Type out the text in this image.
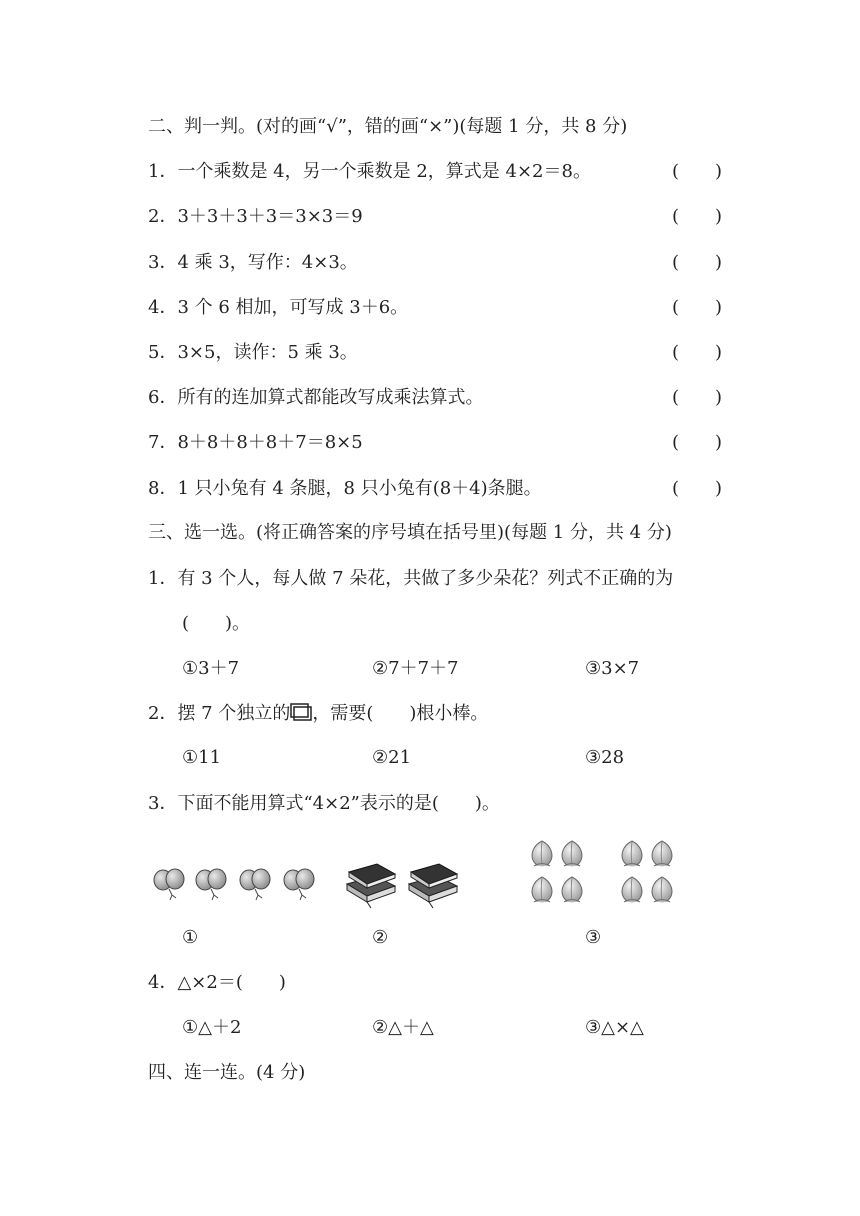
二、判一判。(对的画“√”，错的画“×”)(每题 1 分，共 8 分)
1．一个乘数是 4，另一个乘数是 2，算式是 4×2＝8。	(　　)
2．3＋3＋3＋3＝3×3＝9	(　　)
3．4 乘 3，写作：4×3。	(　　)
4．3 个 6 相加，可写成 3＋6。	(　　)
5．3×5，读作：5 乘 3。	(　　)
6．所有的连加算式都能改写成乘法算式。	(　　)
7．8＋8＋8＋8＋7＝8×5	(　　)
8．1 只小兔有 4 条腿，8 只小兔有(8＋4)条腿。	(　　)
三、选一选。(将正确答案的序号填在括号里)(每题 1 分，共 4 分)
1．有 3 个人，每人做 7 朵花，共做了多少朵花？列式不正确的为
(　　)。
①3＋7	②7＋7＋7	③3×7
2．摆 7 个独立的 ，需要(　　)根小棒。
①11	②21	③28
3．下面不能用算式“4×2”表示的是(　　)。
①	②	③
4．△×2＝(　　)
①△＋2	②△＋△	③△×△
四、连一连。(4 分)
